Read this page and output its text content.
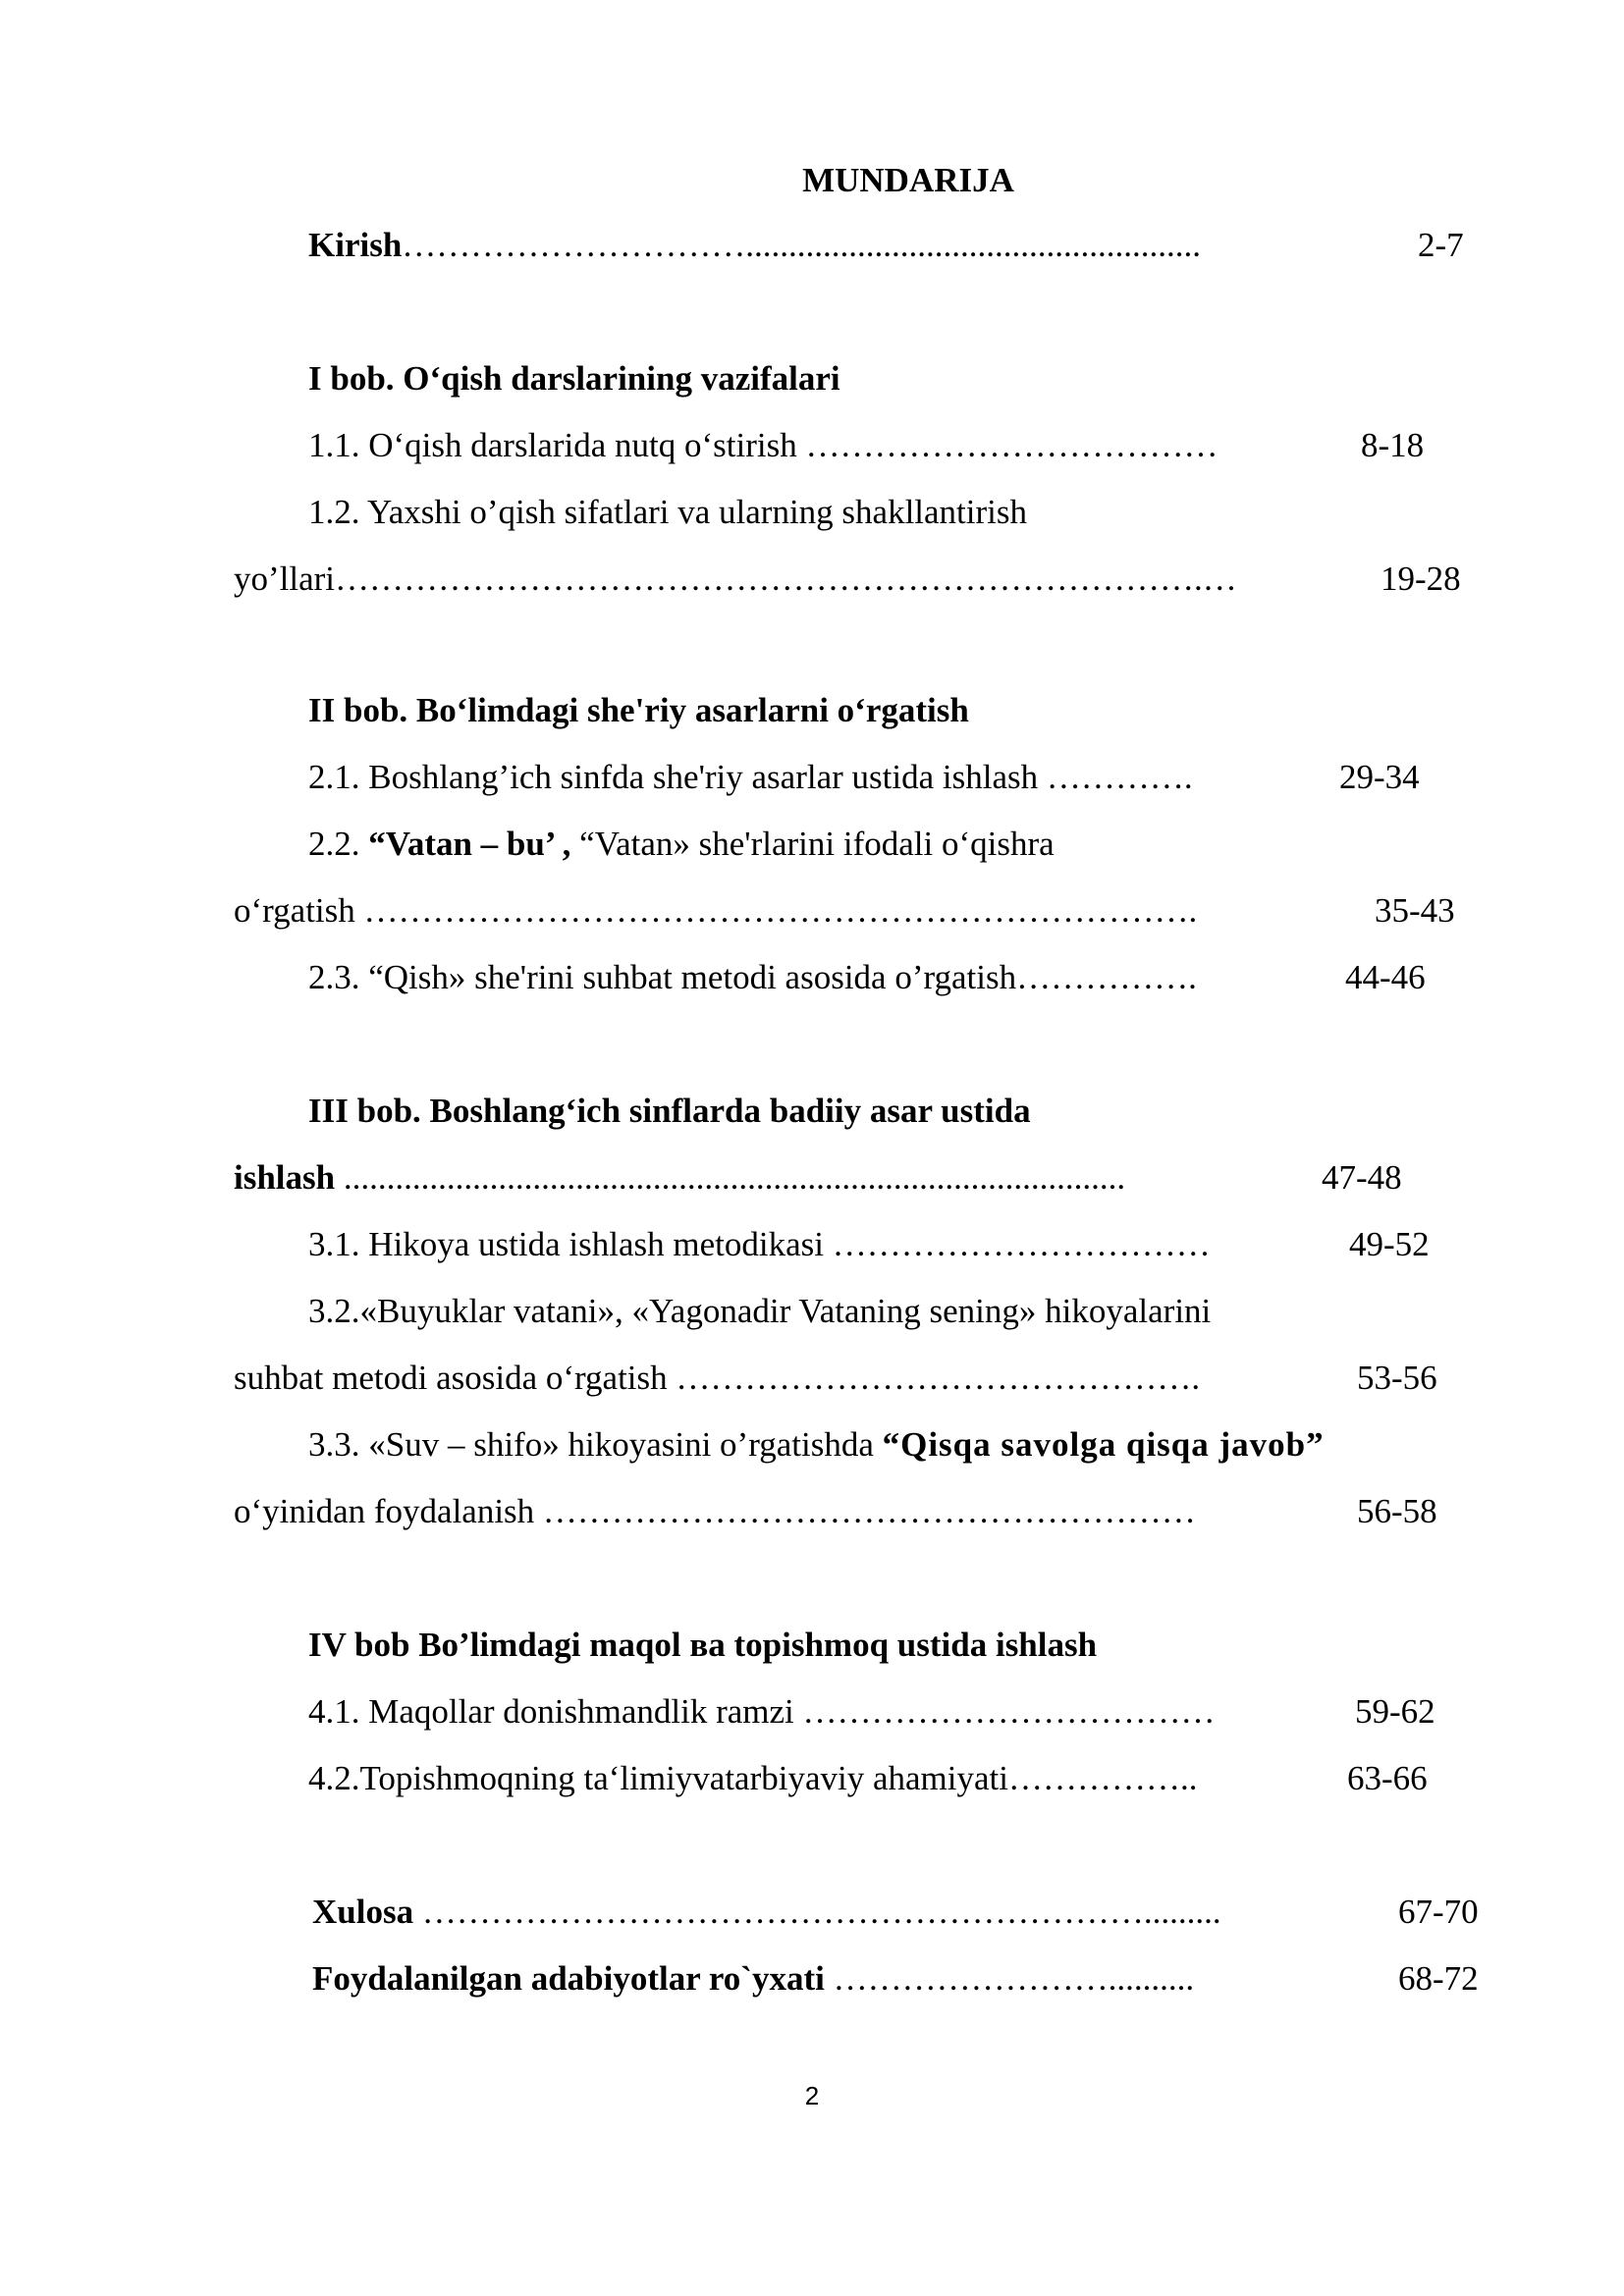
MUNDARIJA
Kirish………………………….....................................................	2-7
I bob. O‘qish darslarining vazifalari
1.1. O‘qish darslarida nutq o‘stirish ………………………………	8-18
1.2. Yaxshi o’qish sifatlari va ularning shakllantirish
yo’llari………………………………………………………………….…	19-28
II bob. Bo‘limdagi she'riy asarlarni o‘rgatish
2.1. Boshlang’ich sinfda she'riy asarlar ustida ishlash ………….	29-34
2.2. “Vatan – bu’ , “Vatan» she'rlarini ifodali o‘qishra
o‘rgatish ……………………………………………………………….	35-43
2.3. “Qish» she'rini suhbat metodi asosida o’rgatish…………….	44-46
III bob. Boshlang‘ich sinflarda badiiy asar ustida
ishlash ...........................................................................................	47-48
3.1. Hikoya ustida ishlash metodikasi ……………………………	49-52
3.2.«Buyuklar vatani», «Yagonadir Vataning sening» hikoyalarini
suhbat metodi asosida o‘rgatish ……………………………………….	53-56
3.3. «Suv – shifo» hikoyasini o’rgatishda “Qisqa savolga qisqa javob”
o‘yinidan foydalanish …………………………………………………	56-58
IV bob Bo’limdagi maqol ва topishmoq ustida ishlash
4.1. Maqollar donishmandlik ramzi ………………………………	59-62
4.2.Topishmoqning ta‘limiyvatarbiyaviy ahamiyati……………..	63-66
Xulosa ……………………………………………………….........	67-70
Foydalanilgan adabiyotlar ro`yxati ……………………..........	68-72
2
